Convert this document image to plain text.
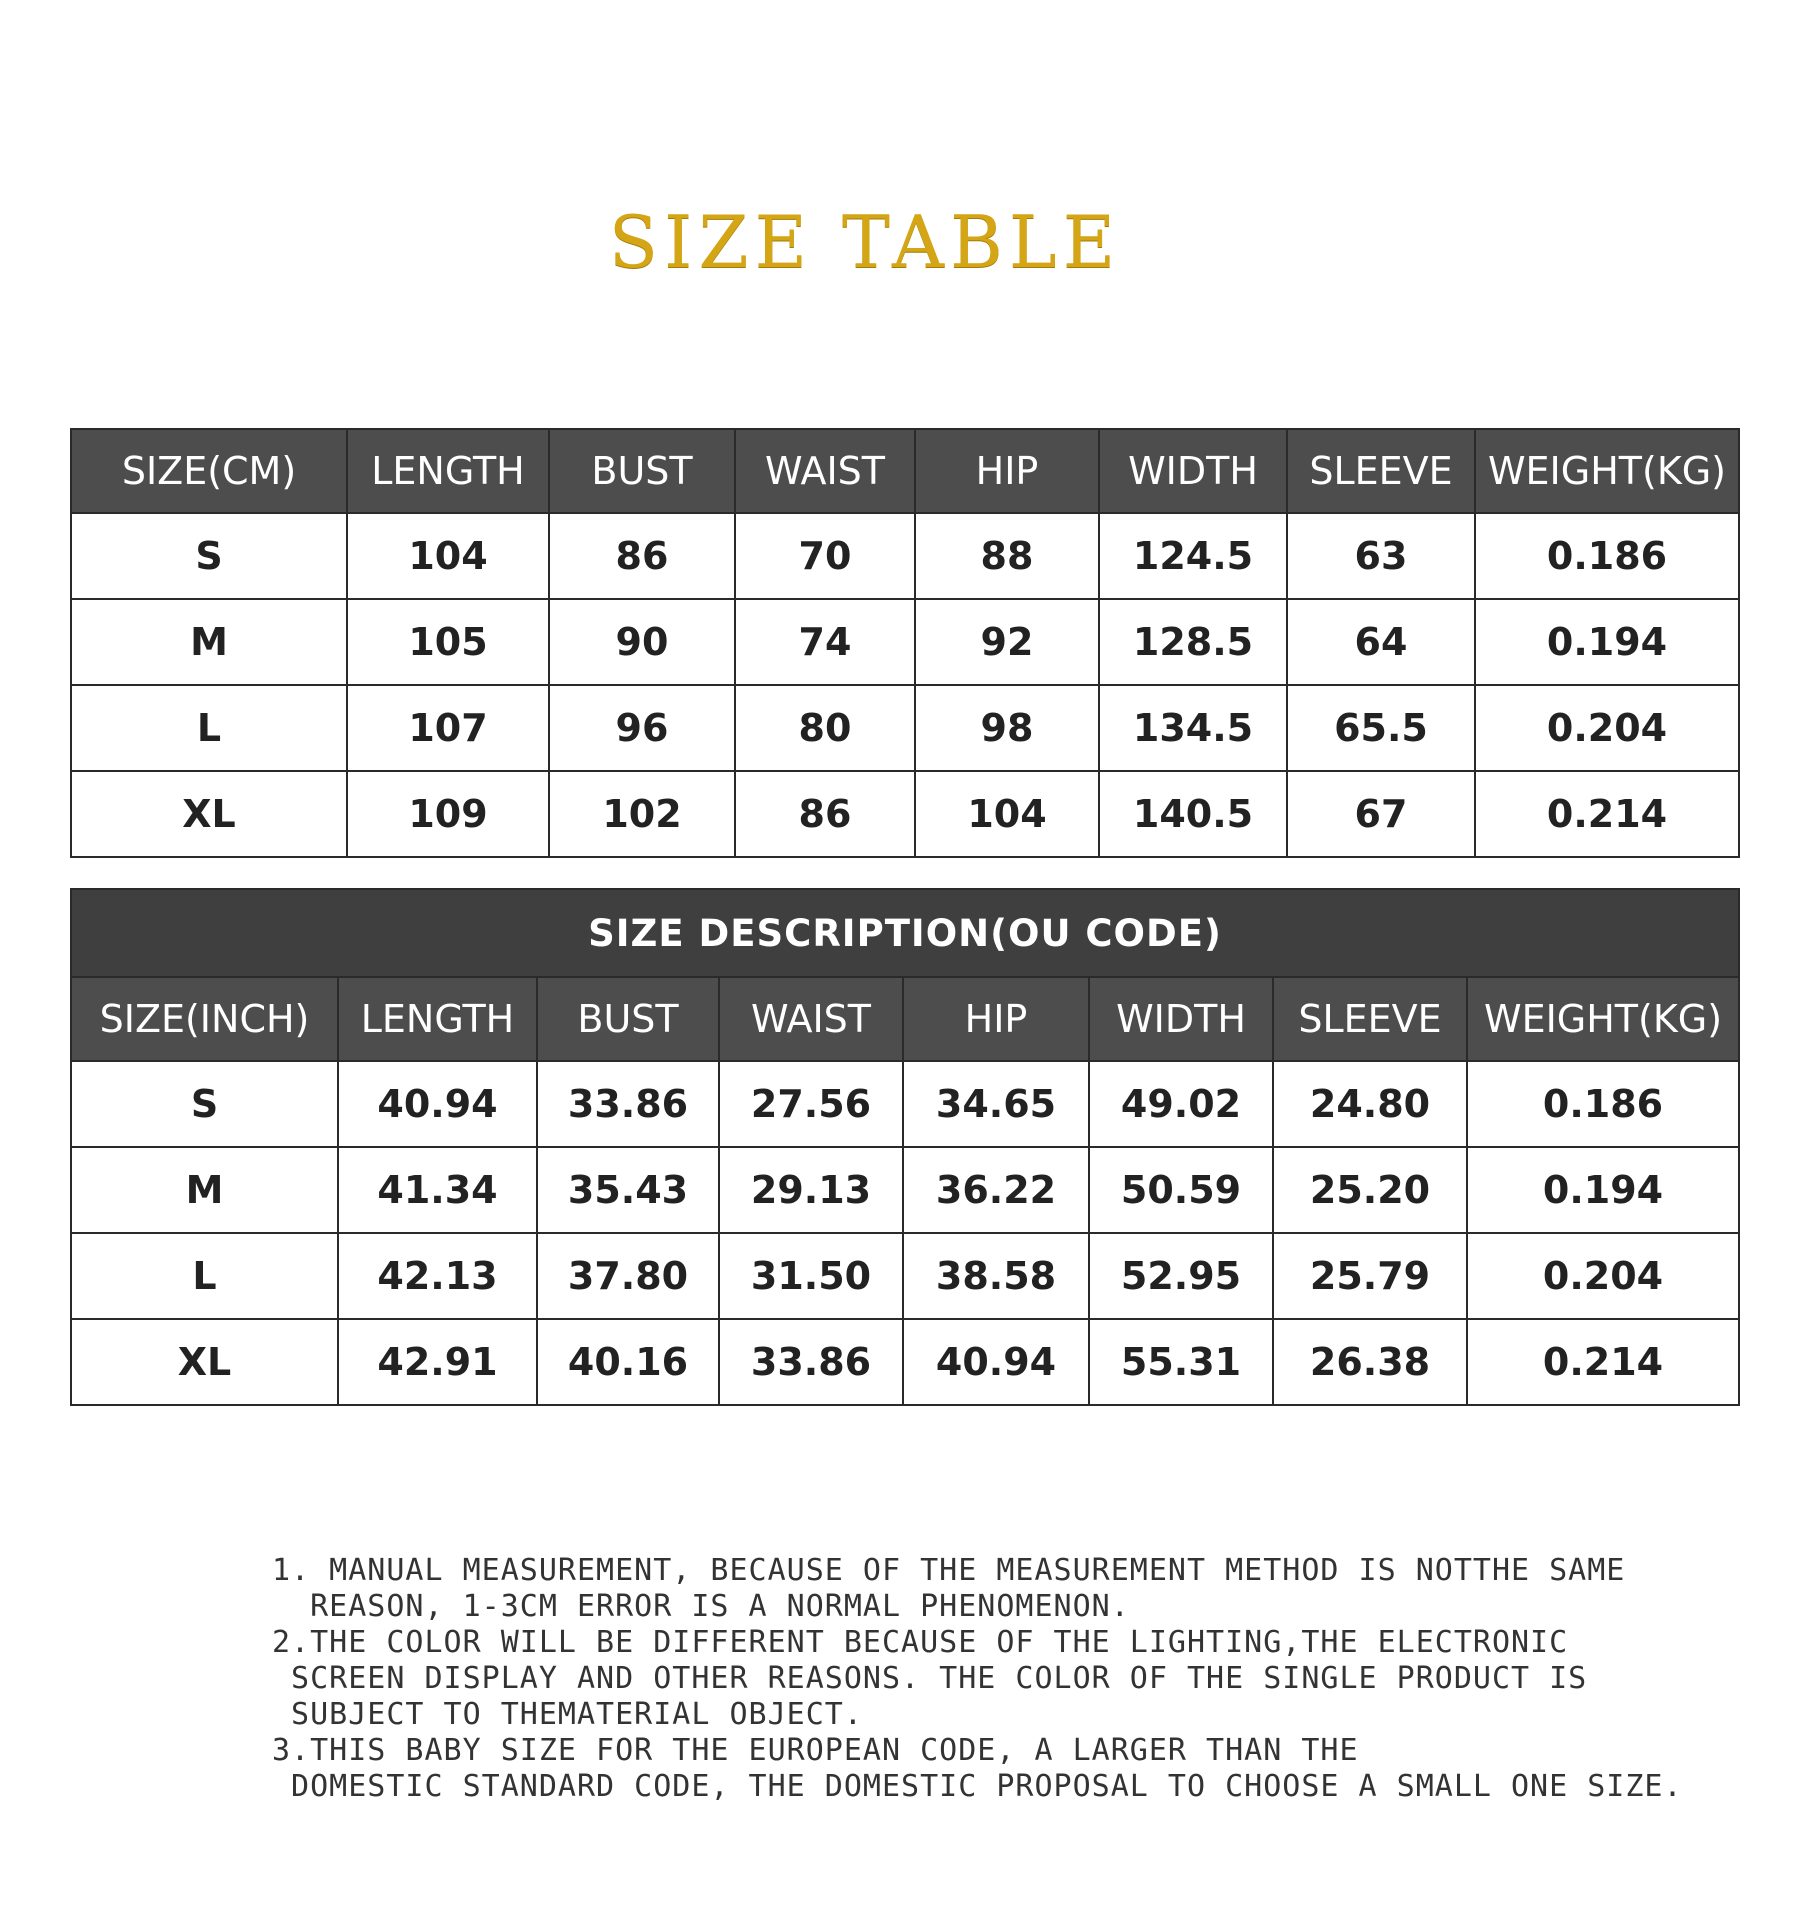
SIZE TABLE
SIZE(CM)	LENGTH	BUST	WAIST	HIP	WIDTH	SLEEVE	WEIGHT(KG)
S	104	86	70	88	124.5	63	0.186
M	105	90	74	92	128.5	64	0.194
L	107	96	80	98	134.5	65.5	0.204
XL	109	102	86	104	140.5	67	0.214
SIZE DESCRIPTION(OU CODE)							
SIZE(INCH)	LENGTH	BUST	WAIST	HIP	WIDTH	SLEEVE	WEIGHT(KG)
S	40.94	33.86	27.56	34.65	49.02	24.80	0.186
M	41.34	35.43	29.13	36.22	50.59	25.20	0.194
L	42.13	37.80	31.50	38.58	52.95	25.79	0.204
XL	42.91	40.16	33.86	40.94	55.31	26.38	0.214
1. MANUAL MEASUREMENT, BECAUSE OF THE MEASUREMENT METHOD IS NOTTHE SAME
REASON, 1-3CM ERROR IS A NORMAL PHENOMENON.
2.THE COLOR WILL BE DIFFERENT BECAUSE OF THE LIGHTING,THE ELECTRONIC
SCREEN DISPLAY AND OTHER REASONS. THE COLOR OF THE SINGLE PRODUCT IS
SUBJECT TO THEMATERIAL OBJECT.
3.THIS BABY SIZE FOR THE EUROPEAN CODE, A LARGER THAN THE
DOMESTIC STANDARD CODE, THE DOMESTIC PROPOSAL TO CHOOSE A SMALL ONE SIZE.
